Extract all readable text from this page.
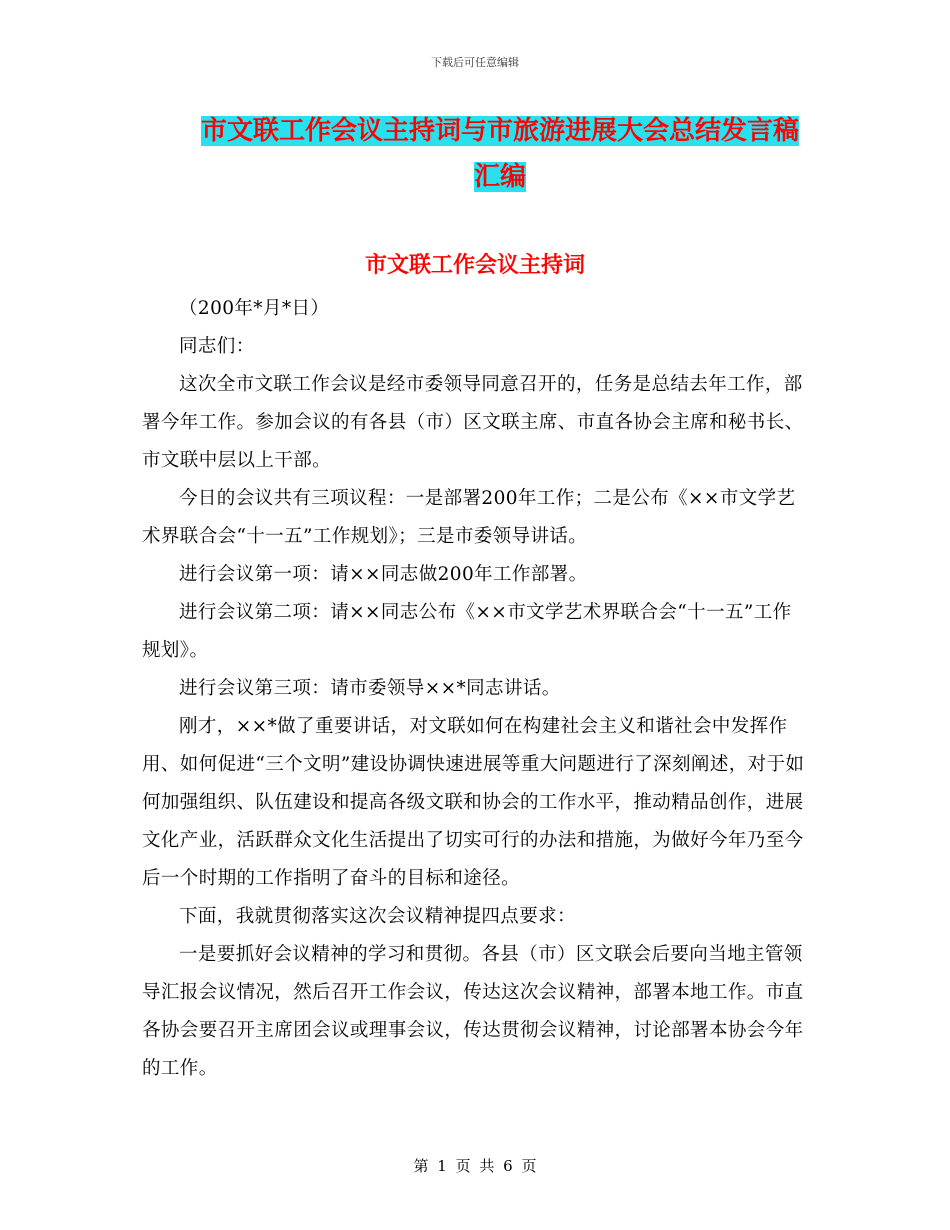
下载后可任意编辑
市文联工作会议主持词与市旅游进展大会总结发言稿
汇编
市文联工作会议主持词

（200年*月*日）

同志们：

这次全市文联工作会议是经市委领导同意召开的，任务是总结去年工作，部署今年工作。参加会议的有各县（市）区文联主席、市直各协会主席和秘书长、市文联中层以上干部。

今日的会议共有三项议程：一是部署200年工作；二是公布《××市文学艺术界联合会“十一五”工作规划》；三是市委领导讲话。

进行会议第一项：请××同志做200年工作部署。

进行会议第二项：请××同志公布《××市文学艺术界联合会“十一五”工作规划》。

进行会议第三项：请市委领导××*同志讲话。

刚才，××*做了重要讲话，对文联如何在构建社会主义和谐社会中发挥作用、如何促进“三个文明”建设协调快速进展等重大问题进行了深刻阐述，对于如何加强组织、队伍建设和提高各级文联和协会的工作水平，推动精品创作，进展文化产业，活跃群众文化生活提出了切实可行的办法和措施，为做好今年乃至今后一个时期的工作指明了奋斗的目标和途径。

下面，我就贯彻落实这次会议精神提四点要求：

一是要抓好会议精神的学习和贯彻。各县（市）区文联会后要向当地主管领导汇报会议情况，然后召开工作会议，传达这次会议精神，部署本地工作。市直各协会要召开主席团会议或理事会议，传达贯彻会议精神，讨论部署本协会今年的工作。

第 1 页 共 6 页
